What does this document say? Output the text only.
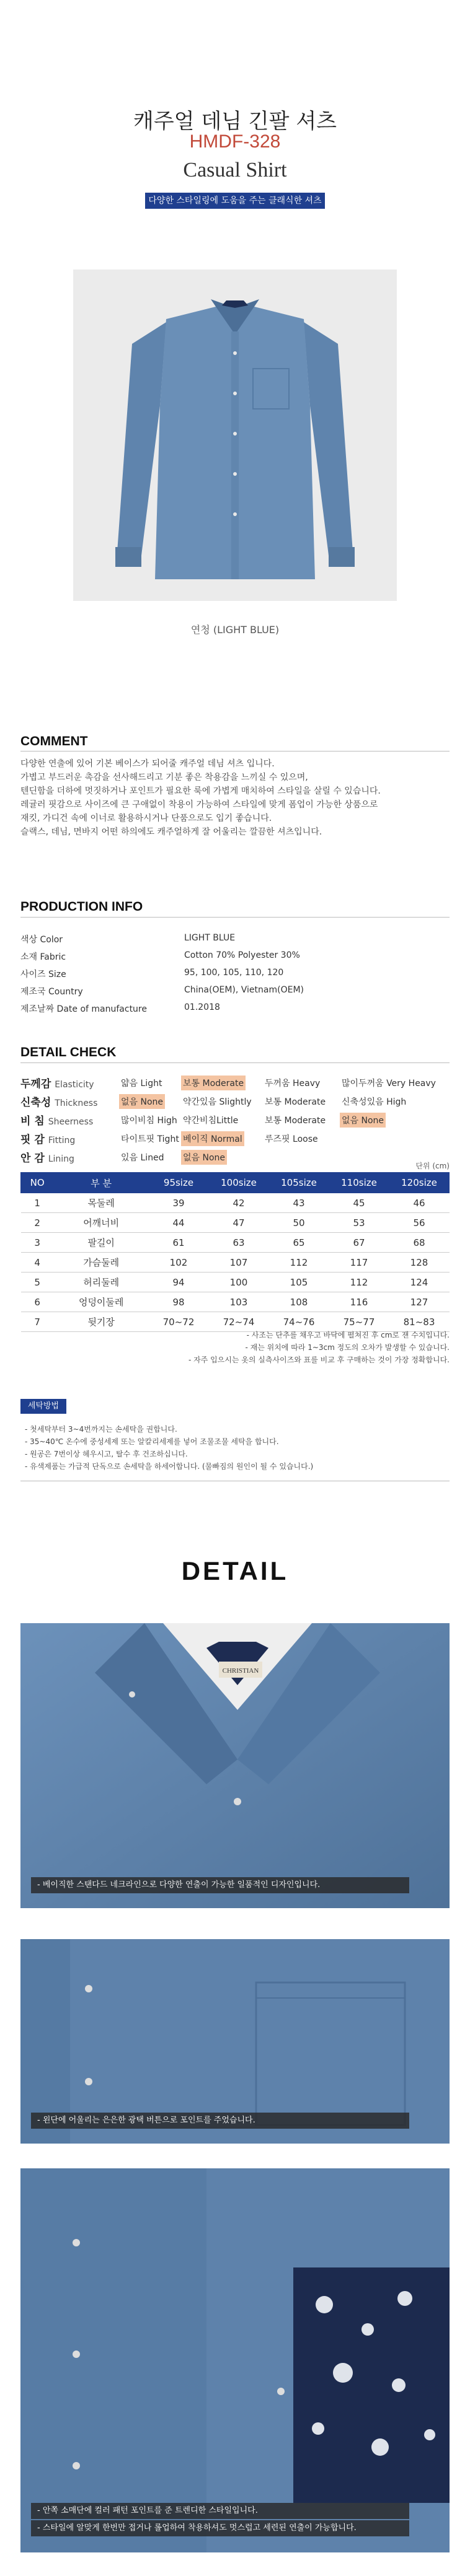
캐주얼 데님 긴팔 셔츠
HMDF-328
Casual Shirt
다양한 스타일링에 도움을 주는 클래식한 셔츠
연청 (LIGHT BLUE)
COMMENT
다양한 연출에 있어 기본 베이스가 되어줄 캐주얼 데님 셔츠 입니다.
가볍고 부드러운 촉감을 선사해드리고 기분 좋은 착용감을 느끼실 수 있으며,
텐딘함을 더하에 멋짓하거나 포인트가 필요한 룩에 가볍게 매치하여 스타일을 살릴 수 있습니다.
레귤러 핏감으로 사이즈에 큰 구애없이 착용이 가능하여 스타일에 맞게 폼업이 가능한 상품으로
재킷, 가디건 속에 이너로 활용하시거나 단품으로도 입기 좋습니다.
슬랙스, 데님, 면바지 어떤 하의에도 캐주얼하게 잘 어울리는 깔끔한 셔츠입니다.
PRODUCTION INFO
색상 Color	LIGHT BLUE
소재 Fabric	Cotton 70% Polyester 30%
사이즈 Size	95, 100, 105, 110, 120
제조국 Country	China(OEM), Vietnam(OEM)
제조날짜 Date of manufacture	01.2018
DETAIL CHECK
두께감 Elasticity	얇음 Light 보통 Moderate 두꺼움 Heavy 많이두꺼움 Very Heavy
신축성 Thickness	없음 None 약간있음 Slightly 보통 Moderate 신축성있음 High
비 침 Sheerness	많이비침 High 약간비침Little	보통 Moderate 없음 None
핏 감 Fitting	타이트핏 Tight 베이직 Normal	루즈핏 Loose
안 감 Lining	있음 Lined 없음 None
단위 (cm)
NO	부 분	95size	100size	105size	110size	120size
1	목둘레	39	42	43	45	46
2	어깨너비	44	47	50	53	56
3	팔길이	61	63	65	67	68
4	가슴둘레	102	107	112	117	128
5	허리둘레	94	100	105	112	124
6	엉덩이둘레	98	103	108	116	127
7	뒷기장	70~72	72~74	74~76	75~77	81~83
- 사조는 단추를 채우고 바닥에 펼쳐진 후 cm로 잰 수치입니다.
- 재는 위치에 따라 1~3cm 정도의 오차가 발생할 수 있습니다.
- 자주 입으시는 옷의 실측사이즈와 표를 비교 후 구매하는 것이 가장 정확합니다.
세탁방법
- 첫세탁부터 3~4번까지는 손세탁을 권합니다.
- 35~40℃ 온수에 중성세제 또는 알칼리세제를 넣어 조물조물 세탁을 합니다.
- 원공은 7번이상 헤우시고, 탈수 후 건조하십니다.
- 유색제품는 가급적 단독으로 손세탁을 하세어합니다. (물빠짐의 원인이 될 수 있습니다.)
DETAIL
CHRISTIAN
- 베이직한 스탠다드 네크라인으로 다양한 연출이 가능한 일품적인 디자인입니다.
- 왼단에 어울리는 은은한 광택 버튼으로 포인트를 주었습니다.
- 안쪽 소매단에 컬러 패턴 포인트를 준 트렌디한 스타일입니다.
- 스타일에 알맞게 한번만 접거나 롤업하여 착용하셔도 멋스럽고 세련된 연출이 가능합니다.
